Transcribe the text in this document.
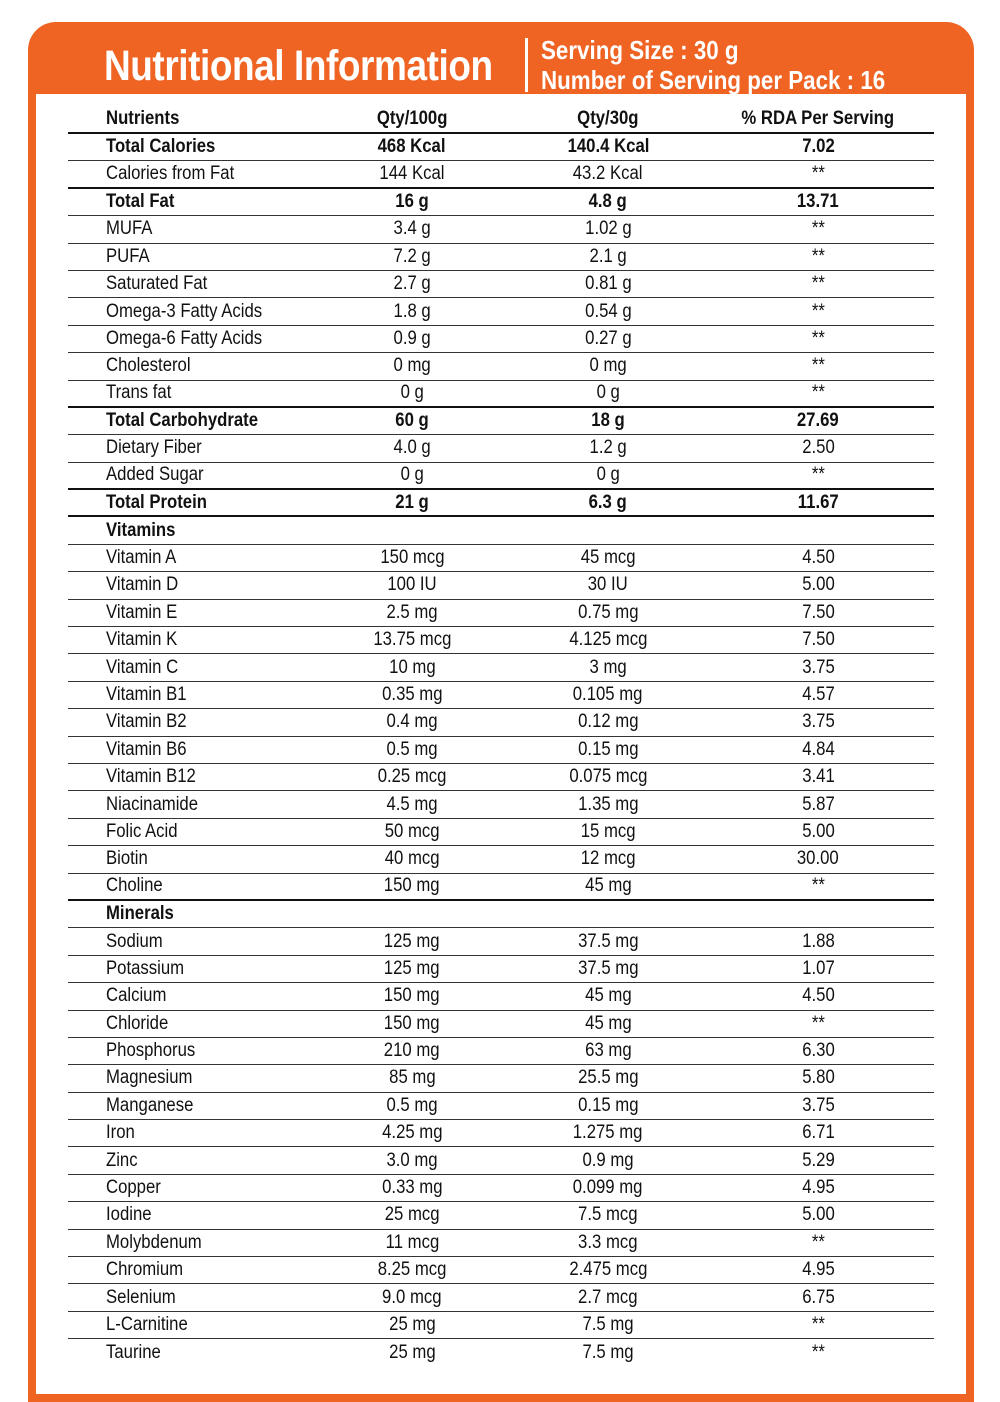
Nutritional Information Serving Size : 30 g
Number of Serving per Pack : 16
Nutrients	Qty/100g	Qty/30g	% RDA Per Serving
Total Calories	468 Kcal	140.4 Kcal	7.02
Calories from Fat	144 Kcal	43.2 Kcal	**
Total Fat	16 g	4.8 g	13.71
MUFA	3.4 g	1.02 g	**
PUFA	7.2 g	2.1 g	**
Saturated Fat	2.7 g	0.81 g	**
Omega-3 Fatty Acids	1.8 g	0.54 g	**
Omega-6 Fatty Acids	0.9 g	0.27 g	**
Cholesterol	0 mg	0 mg	**
Trans fat	0 g	0 g	**
Total Carbohydrate	60 g	18 g	27.69
Dietary Fiber	4.0 g	1.2 g	2.50
Added Sugar	0 g	0 g	**
Total Protein	21 g	6.3 g	11.67
Vitamins
Vitamin A	150 mcg	45 mcg	4.50
Vitamin D	100 IU	30 IU	5.00
Vitamin E	2.5 mg	0.75 mg	7.50
Vitamin K	13.75 mcg	4.125 mcg	7.50
Vitamin C	10 mg	3 mg	3.75
Vitamin B1	0.35 mg	0.105 mg	4.57
Vitamin B2	0.4 mg	0.12 mg	3.75
Vitamin B6	0.5 mg	0.15 mg	4.84
Vitamin B12	0.25 mcg	0.075 mcg	3.41
Niacinamide	4.5 mg	1.35 mg	5.87
Folic Acid	50 mcg	15 mcg	5.00
Biotin	40 mcg	12 mcg	30.00
Choline	150 mg	45 mg	**
Minerals
Sodium	125 mg	37.5 mg	1.88
Potassium	125 mg	37.5 mg	1.07
Calcium	150 mg	45 mg	4.50
Chloride	150 mg	45 mg	**
Phosphorus	210 mg	63 mg	6.30
Magnesium	85 mg	25.5 mg	5.80
Manganese	0.5 mg	0.15 mg	3.75
Iron	4.25 mg	1.275 mg	6.71
Zinc	3.0 mg	0.9 mg	5.29
Copper	0.33 mg	0.099 mg	4.95
Iodine	25 mcg	7.5 mcg	5.00
Molybdenum	11 mcg	3.3 mcg	**
Chromium	8.25 mcg	2.475 mcg	4.95
Selenium	9.0 mcg	2.7 mcg	6.75
L-Carnitine	25 mg	7.5 mg	**
Taurine	25 mg	7.5 mg	**
